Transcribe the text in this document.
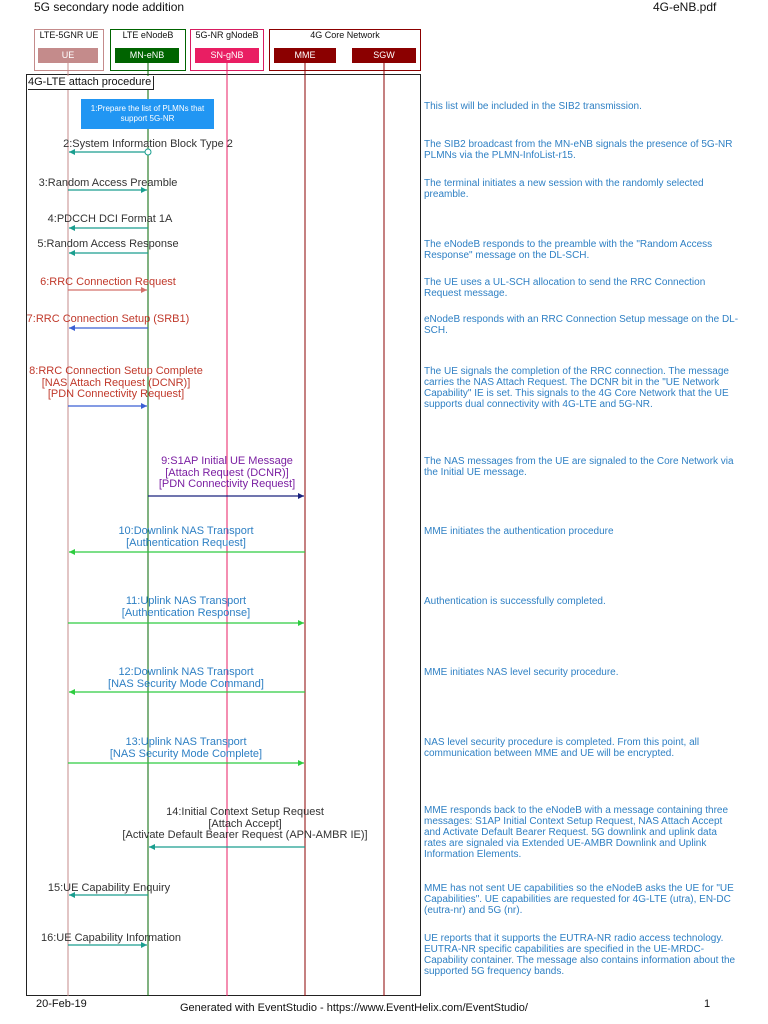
5G secondary node addition	4G-eNB.pdf
LTE-5GNR UE	LTE eNodeB	5G-NR gNodeB	4G Core Network
UE	MN-eNB	SN-gNB	MME	SGW
4G-LTE attach procedure
1:Prepare the list of PLMNs that support 5G-NR
2:System Information Block Type 2
3:Random Access Preamble
4:PDCCH DCI Format 1A
5:Random Access Response
6:RRC Connection Request
7:RRC Connection Setup (SRB1)
8:RRC Connection Setup Complete
[NAS Attach Request (DCNR)]
[PDN Connectivity Request]
9:S1AP Initial UE Message
[Attach Request (DCNR)]
[PDN Connectivity Request]
10:Downlink NAS Transport
[Authentication Request]
11:Uplink NAS Transport
[Authentication Response]
12:Downlink NAS Transport
[NAS Security Mode Command]
13:Uplink NAS Transport
[NAS Security Mode Complete]
14:Initial Context Setup Request
[Attach Accept]
[Activate Default Bearer Request (APN-AMBR IE)]
15:UE Capability Enquiry
16:UE Capability Information
This list will be included in the SIB2 transmission.
The SIB2 broadcast from the MN-eNB signals the presence of 5G-NR PLMNs via the PLMN-InfoList-r15.
The terminal initiates a new session with the randomly selected preamble.
The eNodeB responds to the preamble with the "Random Access Response" message on the DL-SCH.
The UE uses a UL-SCH allocation to send the RRC Connection Request message.
eNodeB responds with an RRC Connection Setup message on the DL-SCH.
The UE signals the completion of the RRC connection. The message carries the NAS Attach Request. The DCNR bit in the "UE Network Capability" IE is set. This signals to the 4G Core Network that the UE supports dual connectivity with 4G-LTE and 5G-NR.
The NAS messages from the UE are signaled to the Core Network via the Initial UE message.
MME initiates the authentication procedure
Authentication is successfully completed.
MME initiates NAS level security procedure.
NAS level security procedure is completed. From this point, all communication between MME and UE will be encrypted.
MME responds back to the eNodeB with a message containing three messages: S1AP Initial Context Setup Request, NAS Attach Accept and Activate Default Bearer Request. 5G downlink and uplink data rates are signaled via Extended UE-AMBR Downlink and Uplink Information Elements.
MME has not sent UE capabilities so the eNodeB asks the UE for "UE Capabilities". UE capabilities are requested for 4G-LTE (utra), EN-DC (eutra-nr) and 5G (nr).
UE reports that it supports the EUTRA-NR radio access technology. EUTRA-NR specific capabilities are specified in the UE-MRDC-Capability container. The message also contains information about the supported 5G frequency bands.
20-Feb-19	Generated with EventStudio - https://www.EventHelix.com/EventStudio/	1
